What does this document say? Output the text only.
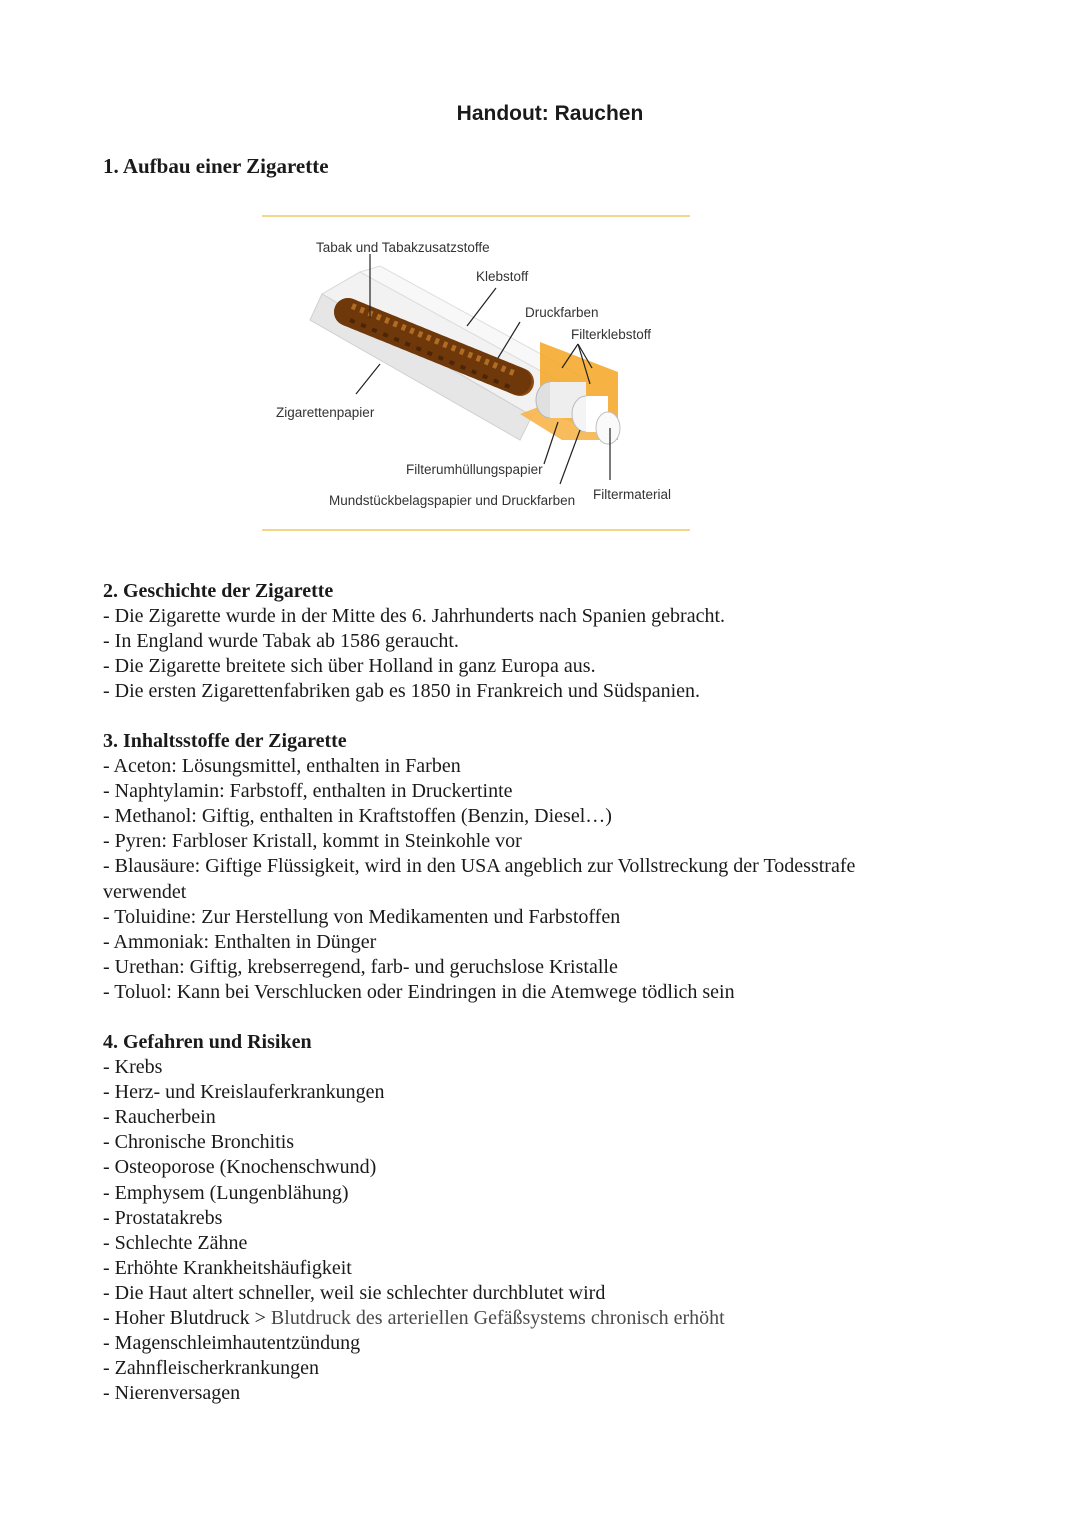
Handout: Rauchen
1. Aufbau einer Zigarette
Tabak und Tabakzusatzstoffe
Klebstoff
Druckfarben
Filterklebstoff
Zigarettenpapier
Filterumhüllungspapier
Mundstückbelagspapier und Druckfarben Filtermaterial
2. Geschichte der Zigarette
- Die Zigarette wurde in der Mitte des 6. Jahrhunderts nach Spanien gebracht.
- In England wurde Tabak ab 1586 geraucht.
- Die Zigarette breitete sich über Holland in ganz Europa aus.
- Die ersten Zigarettenfabriken gab es 1850 in Frankreich und Südspanien.
3. Inhaltsstoffe der Zigarette
- Aceton: Lösungsmittel, enthalten in Farben
- Naphtylamin: Farbstoff, enthalten in Druckertinte
- Methanol: Giftig, enthalten in Kraftstoffen (Benzin, Diesel…)
- Pyren: Farbloser Kristall, kommt in Steinkohle vor
- Blausäure: Giftige Flüssigkeit, wird in den USA angeblich zur Vollstreckung der Todesstrafe verwendet
- Toluidine: Zur Herstellung von Medikamenten und Farbstoffen
- Ammoniak: Enthalten in Dünger
- Urethan: Giftig, krebserregend, farb- und geruchslose Kristalle
- Toluol: Kann bei Verschlucken oder Eindringen in die Atemwege tödlich sein
4. Gefahren und Risiken
- Krebs
- Herz- und Kreislauferkrankungen
- Raucherbein
- Chronische Bronchitis
- Osteoporose (Knochenschwund)
- Emphysem (Lungenblähung)
- Prostatakrebs
- Schlechte Zähne
- Erhöhte Krankheitshäufigkeit
- Die Haut altert schneller, weil sie schlechter durchblutet wird
- Hoher Blutdruck > Blutdruck des arteriellen Gefäßsystems chronisch erhöht
- Magenschleimhautentzündung
- Zahnfleischerkrankungen
- Nierenversagen
